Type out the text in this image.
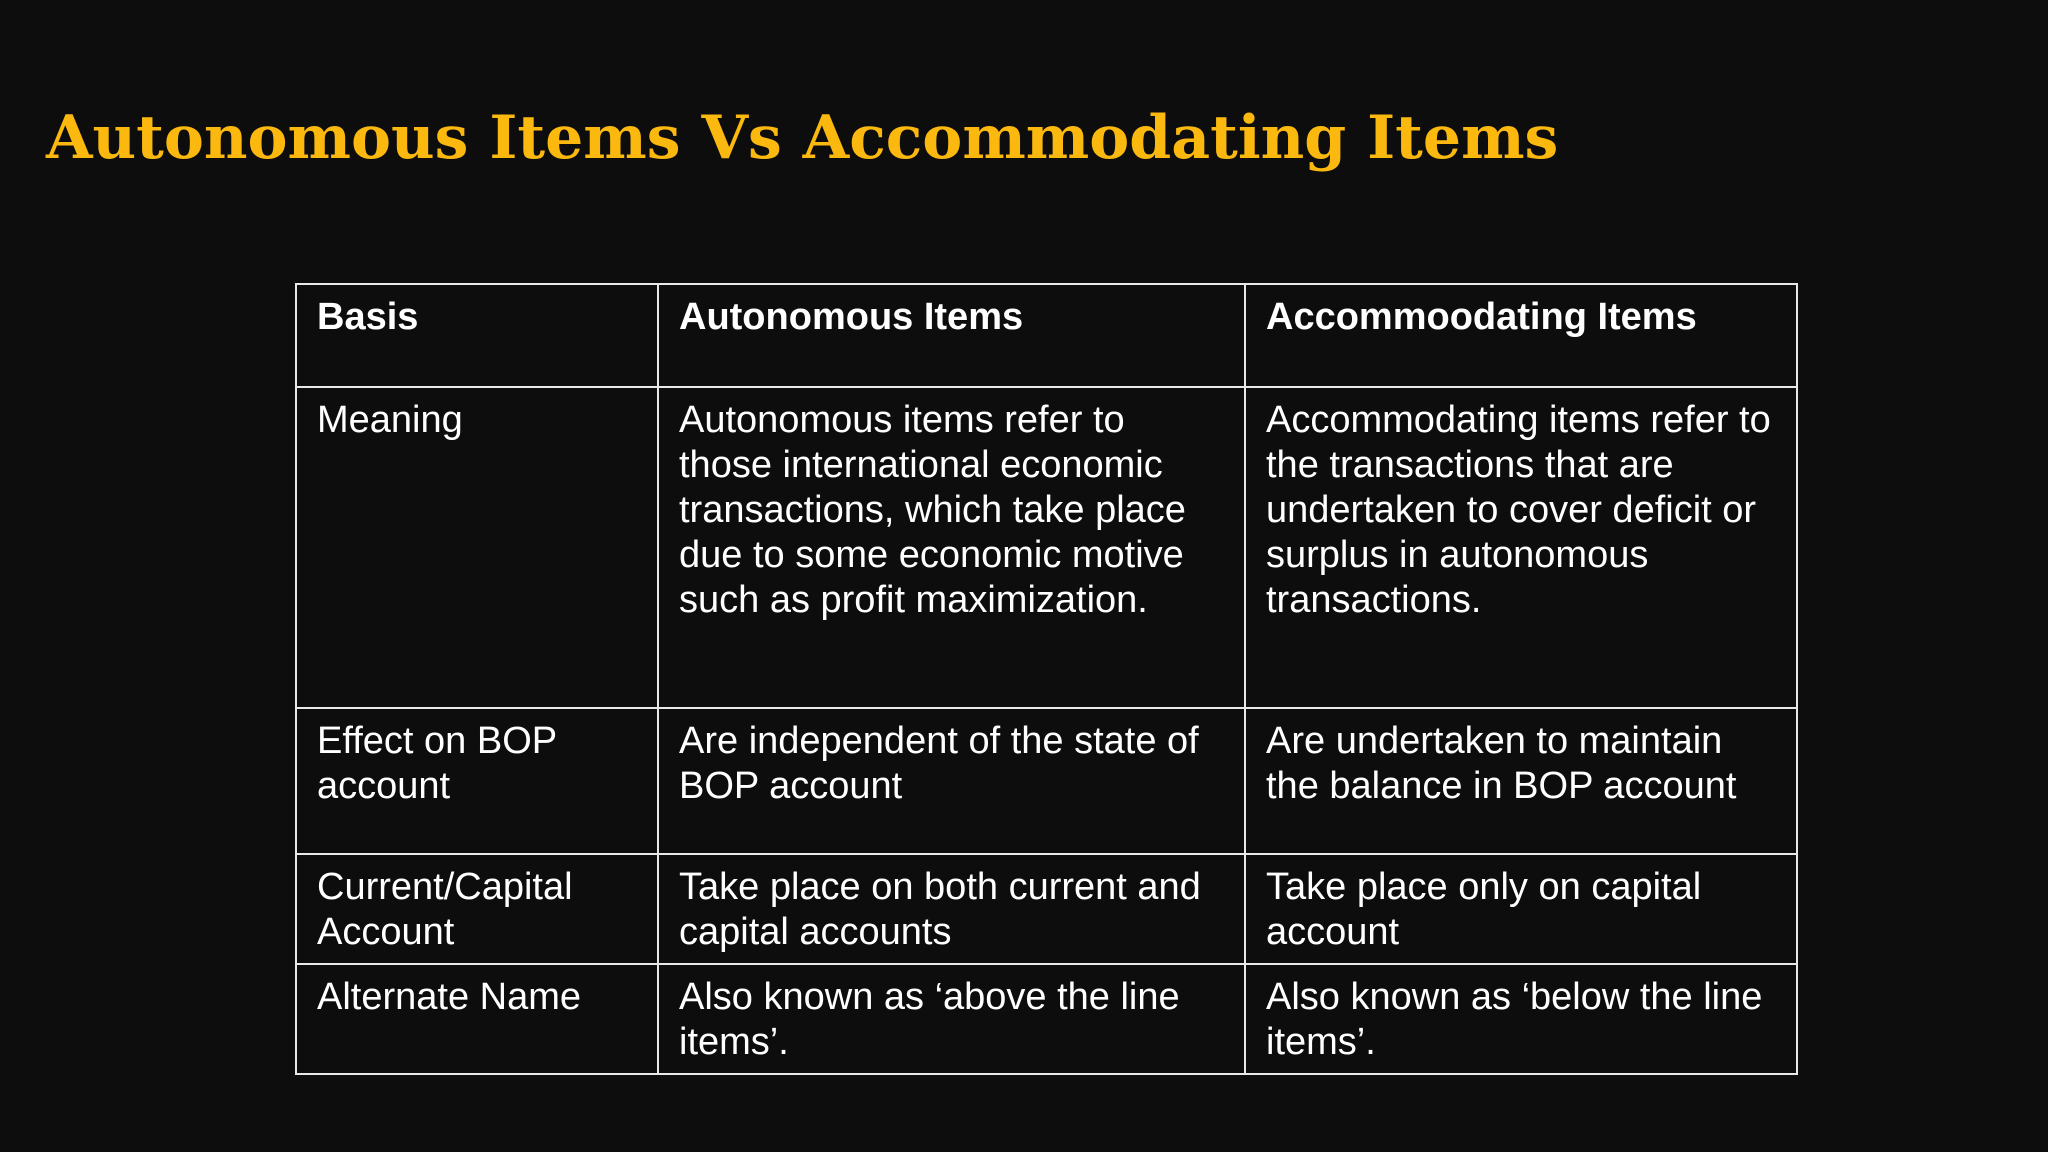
Autonomous Items Vs Accommodating Items
Basis	Autonomous Items	Accommoodating Items
Meaning	Autonomous items refer to those international economic transactions, which take place due to some economic motive such as profit maximization.	Accommodating items refer to the transactions that are undertaken to cover deficit or surplus in autonomous transactions.
Effect on BOP account	Are independent of the state of BOP account	Are undertaken to maintain the balance in BOP account
Current/Capital Account	Take place on both current and capital accounts	Take place only on capital account
Alternate Name	Also known as ‘above the line items’.	Also known as ‘below the line items’.
